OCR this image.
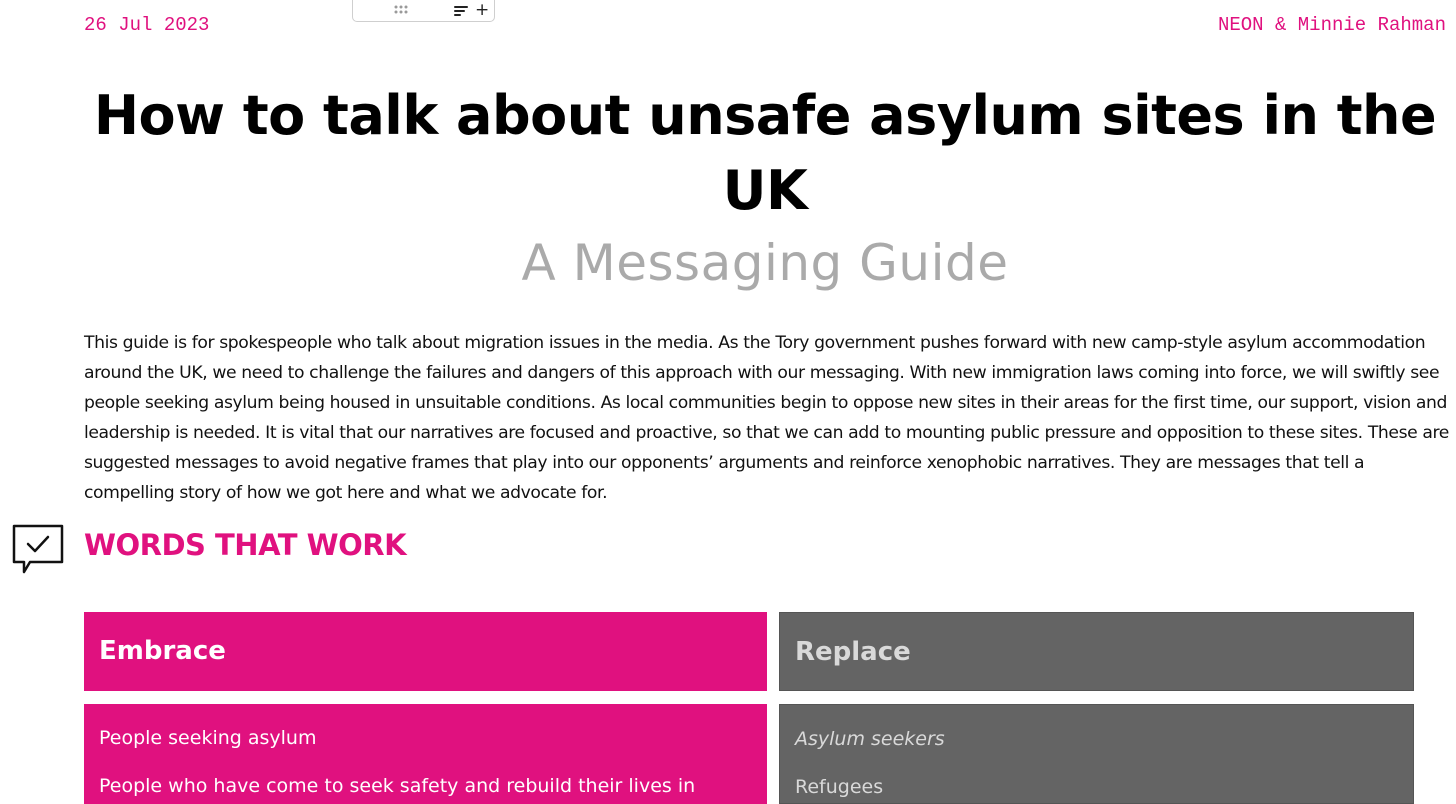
26 Jul 2023	NEON & Minnie Rahman
+
How to talk about unsafe asylum sites in the UK
A Messaging Guide

This guide is for spokespeople who talk about migration issues in the media. As the Tory government pushes forward with new camp-style asylum accommodation around the UK, we need to challenge the failures and dangers of this approach with our messaging. With new immigration laws coming into force, we will swiftly see people seeking asylum being housed in unsuitable conditions. As local communities begin to oppose new sites in their areas for the first time, our support, vision and leadership is needed. It is vital that our narratives are focused and proactive, so that we can add to mounting public pressure and opposition to these sites. These are suggested messages to avoid negative frames that play into our opponents’ arguments and reinforce xenophobic narratives. They are messages that tell a compelling story of how we got here and what we advocate for.

WORDS THAT WORK
Embrace	Replace
People seeking asylum
People who have come to seek safety and rebuild their lives in
Asylum seekers
Refugees
